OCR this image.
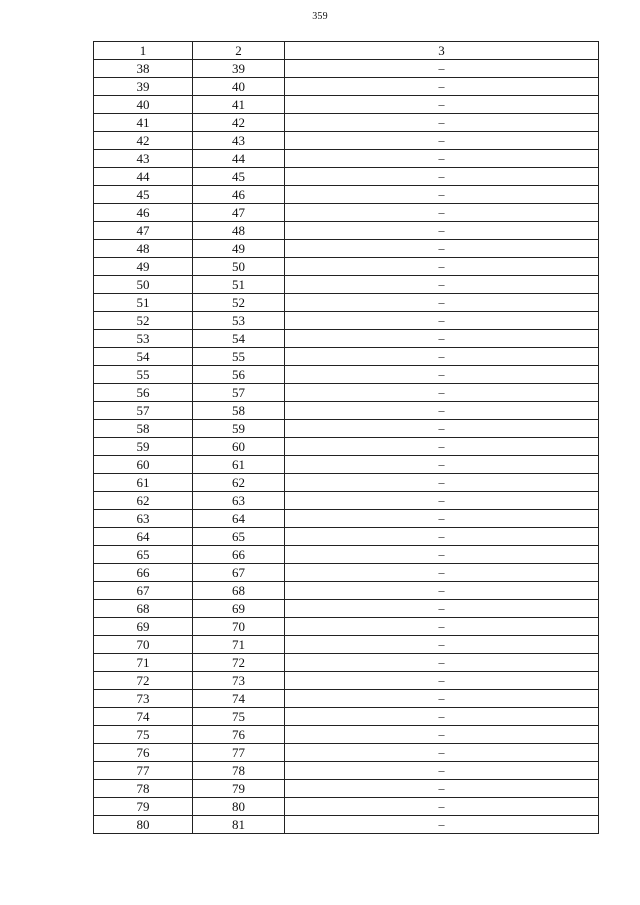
359
1	2	3
38	39	–
39	40	–
40	41	–
41	42	–
42	43	–
43	44	–
44	45	–
45	46	–
46	47	–
47	48	–
48	49	–
49	50	–
50	51	–
51	52	–
52	53	–
53	54	–
54	55	–
55	56	–
56	57	–
57	58	–
58	59	–
59	60	–
60	61	–
61	62	–
62	63	–
63	64	–
64	65	–
65	66	–
66	67	–
67	68	–
68	69	–
69	70	–
70	71	–
71	72	–
72	73	–
73	74	–
74	75	–
75	76	–
76	77	–
77	78	–
78	79	–
79	80	–
80	81	–
